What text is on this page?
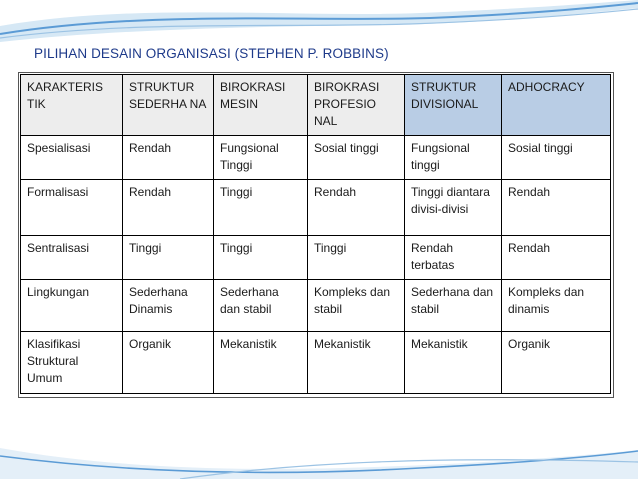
PILIHAN DESAIN ORGANISASI (STEPHEN P. ROBBINS)
KARAKTERIS TIK	STRUKTUR SEDERHA NA	BIROKRASI MESIN	BIROKRASI PROFESIO NAL	STRUKTUR DIVISIONAL	ADHOCRACY
Spesialisasi	Rendah	Fungsional Tinggi	Sosial tinggi	Fungsional tinggi	Sosial tinggi
Formalisasi	Rendah	Tinggi	Rendah	Tinggi diantara divisi-divisi	Rendah
Sentralisasi	Tinggi	Tinggi	Tinggi	Rendah terbatas	Rendah
Lingkungan	Sederhana Dinamis	Sederhana dan stabil	Kompleks dan stabil	Sederhana dan stabil	Kompleks dan dinamis
Klasifikasi Struktural Umum	Organik	Mekanistik	Mekanistik	Mekanistik	Organik
